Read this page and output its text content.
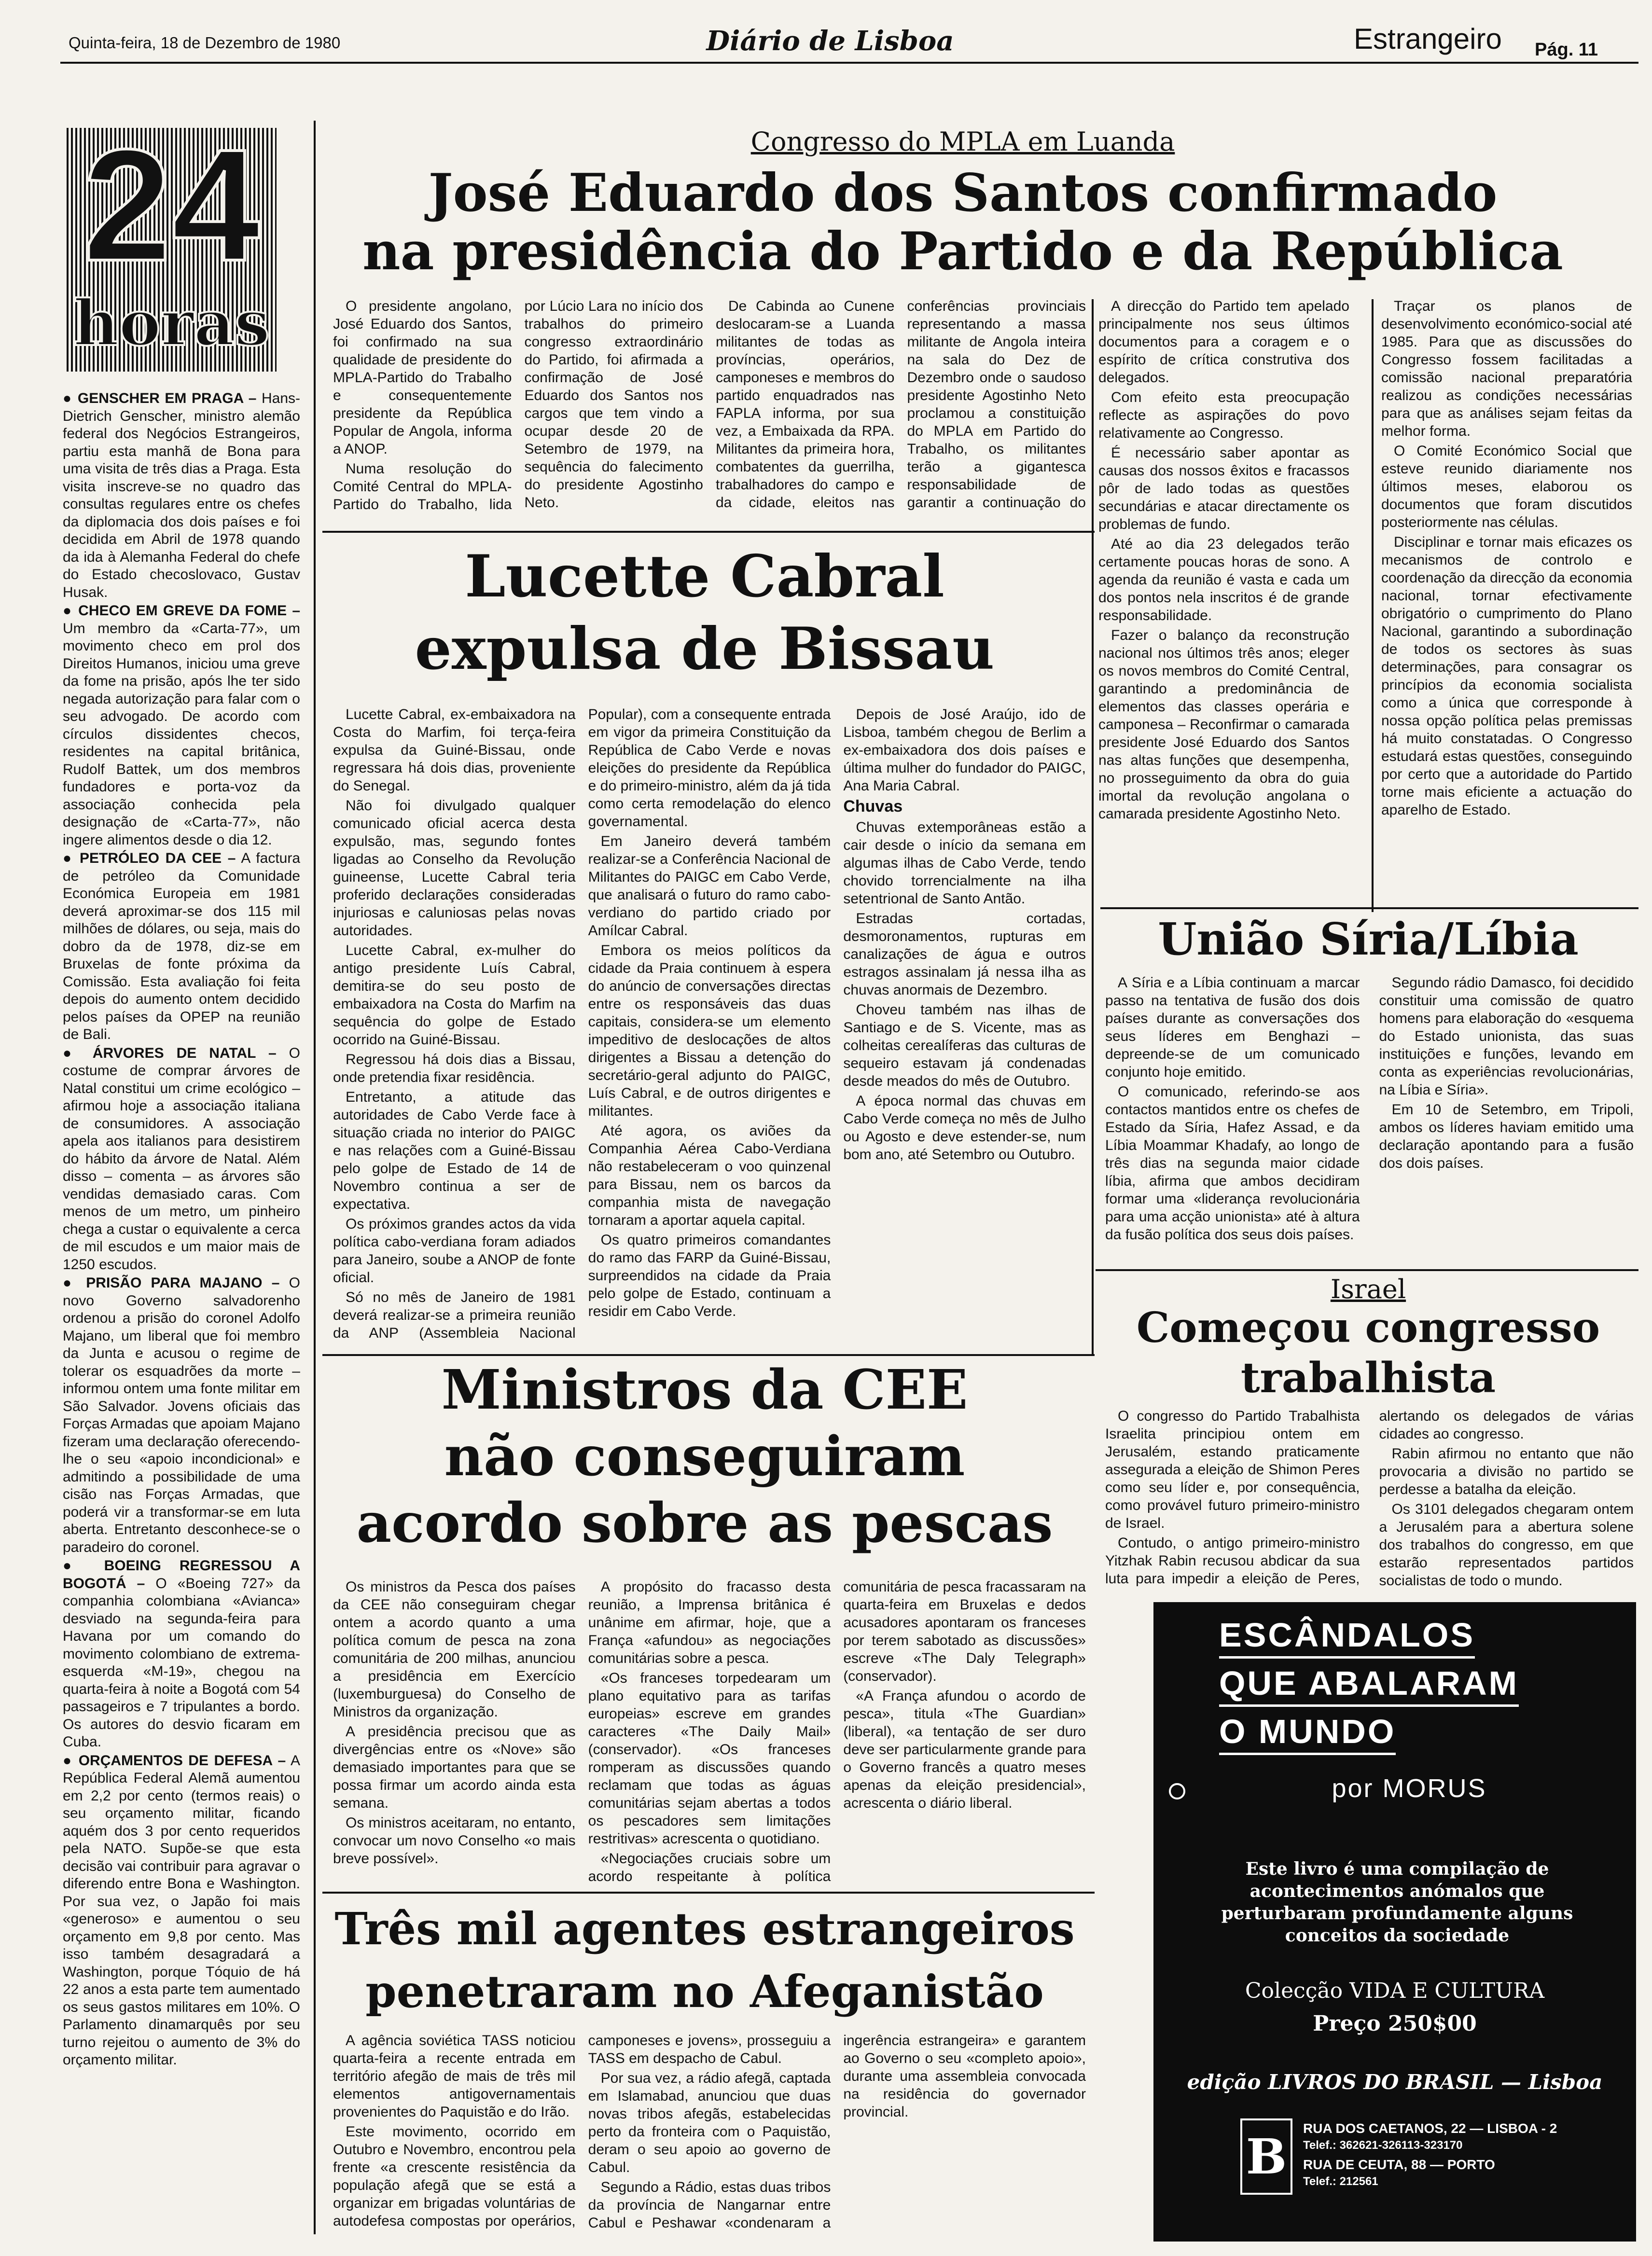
Quinta-feira, 18 de Dezembro de 1980	Diário de Lisboa	Estrangeiro Pág. 11
24
horas
● GENSCHER EM PRAGA – Hans-Dietrich Genscher, ministro alemão federal dos Negócios Estrangeiros, partiu esta manhã de Bona para uma visita de três dias a Praga. Esta visita inscreve-se no quadro das consultas regulares entre os chefes da diplomacia dos dois países e foi decidida em Abril de 1978 quando da ida à Alemanha Federal do chefe do Estado checoslovaco, Gustav Husak.
● CHECO EM GREVE DA FOME – Um membro da «Carta-77», um movimento checo em prol dos Direitos Humanos, iniciou uma greve da fome na prisão, após lhe ter sido negada autorização para falar com o seu advogado. De acordo com círculos dissidentes checos, residentes na capital britânica, Rudolf Battek, um dos membros fundadores e porta-voz da associação conhecida pela designação de «Carta-77», não ingere alimentos desde o dia 12.
● PETRÓLEO DA CEE – A factura de petróleo da Comunidade Económica Europeia em 1981 deverá aproximar-se dos 115 mil milhões de dólares, ou seja, mais do dobro da de 1978, diz-se em Bruxelas de fonte próxima da Comissão. Esta avaliação foi feita depois do aumento ontem decidido pelos países da OPEP na reunião de Bali.
● ÁRVORES DE NATAL – O costume de comprar árvores de Natal constitui um crime ecológico – afirmou hoje a associação italiana de consumidores. A associação apela aos italianos para desistirem do hábito da árvore de Natal. Além disso – comenta – as árvores são vendidas demasiado caras. Com menos de um metro, um pinheiro chega a custar o equivalente a cerca de mil escudos e um maior mais de 1250 escudos.
● PRISÃO PARA MAJANO – O novo Governo salvadorenho ordenou a prisão do coronel Adolfo Majano, um liberal que foi membro da Junta e acusou o regime de tolerar os esquadrões da morte – informou ontem uma fonte militar em São Salvador. Jovens oficiais das Forças Armadas que apoiam Majano fizeram uma declaração oferecendo-lhe o seu «apoio incondicional» e admitindo a possibilidade de uma cisão nas Forças Armadas, que poderá vir a transformar-se em luta aberta. Entretanto desconhece-se o paradeiro do coronel.
● BOEING REGRESSOU A BOGOTÁ – O «Boeing 727» da companhia colombiana «Avianca» desviado na segunda-feira para Havana por um comando do movimento colombiano de extrema-esquerda «M-19», chegou na quarta-feira à noite a Bogotá com 54 passageiros e 7 tripulantes a bordo. Os autores do desvio ficaram em Cuba.
● ORÇAMENTOS DE DEFESA – A República Federal Alemã aumentou em 2,2 por cento (termos reais) o seu orçamento militar, ficando aquém dos 3 por cento requeridos pela NATO. Supõe-se que esta decisão vai contribuir para agravar o diferendo entre Bona e Washington. Por sua vez, o Japão foi mais «generoso» e aumentou o seu orçamento em 9,8 por cento. Mas isso também desagradará a Washington, porque Tóquio de há 22 anos a esta parte tem aumentado os seus gastos militares em 10%. O Parlamento dinamarquês por seu turno rejeitou o aumento de 3% do orçamento militar.
Congresso do MPLA em Luanda
José Eduardo dos Santos confirmado
na presidência do Partido e da República

O presidente angolano, José Eduardo dos Santos, foi confirmado na sua qualidade de presidente do MPLA-Partido do Trabalho e consequentemente presidente da República Popular de Angola, informa a ANOP.

Numa resolução do Comité Central do MPLA-Partido do Trabalho, lida por Lúcio Lara no início dos trabalhos do primeiro congresso extraordinário do Partido, foi afirmada a confirmação de José Eduardo dos Santos nos cargos que tem vindo a ocupar desde 20 de Setembro de 1979, na sequência do falecimento do presidente Agostinho Neto.

De Cabinda ao Cunene deslocaram-se a Luanda militantes de todas as províncias, operários, camponeses e membros do partido enquadrados nas FAPLA informa, por sua vez, a Embaixada da RPA. Militantes da primeira hora, combatentes da guerrilha, trabalhadores do campo e da cidade, eleitos nas conferências provinciais representando a massa militante de Angola inteira na sala do Dez de Dezembro onde o saudoso presidente Agostinho Neto proclamou a constituição do MPLA em Partido do Trabalho, os militantes terão a gigantesca responsabilidade de garantir a continuação do

A direcção do Partido tem apelado principalmente nos seus últimos documentos para a coragem e o espírito de crítica construtiva dos delegados.

Com efeito esta preocupação reflecte as aspirações do povo relativamente ao Congresso.

É necessário saber apontar as causas dos nossos êxitos e fracassos pôr de lado todas as questões secundárias e atacar directamente os problemas de fundo.

Até ao dia 23 delegados terão certamente poucas horas de sono. A agenda da reunião é vasta e cada um dos pontos nela inscritos é de grande responsabilidade.

Fazer o balanço da reconstrução nacional nos últimos três anos; eleger os novos membros do Comité Central, garantindo a predominância de elementos das classes operária e camponesa – Reconfirmar o camarada presidente José Eduardo dos Santos nas altas funções que desempenha, no prosseguimento da obra do guia imortal da revolução angolana o camarada presidente Agostinho Neto.

Traçar os planos de desenvolvimento económico-social até 1985. Para que as discussões do Congresso fossem facilitadas a comissão nacional preparatória realizou as condições necessárias para que as análises sejam feitas da melhor forma.

O Comité Económico Social que esteve reunido diariamente nos últimos meses, elaborou os documentos que foram discutidos posteriormente nas células.

Disciplinar e tornar mais eficazes os mecanismos de controlo e coordenação da direcção da economia nacional, tornar efectivamente obrigatório o cumprimento do Plano Nacional, garantindo a subordinação de todos os sectores às suas determinações, para consagrar os princípios da economia socialista como a única que corresponde à nossa opção política pelas premissas há muito constatadas. O Congresso estudará estas questões, conseguindo por certo que a autoridade do Partido torne mais eficiente a actuação do aparelho de Estado.

Lucette Cabral
expulsa de Bissau

Lucette Cabral, ex-embaixadora na Costa do Marfim, foi terça-feira expulsa da Guiné-Bissau, onde regressara há dois dias, proveniente do Senegal.

Não foi divulgado qualquer comunicado oficial acerca desta expulsão, mas, segundo fontes ligadas ao Conselho da Revolução guineense, Lucette Cabral teria proferido declarações consideradas injuriosas e caluniosas pelas novas autoridades.

Lucette Cabral, ex-mulher do antigo presidente Luís Cabral, demitira-se do seu posto de embaixadora na Costa do Marfim na sequência do golpe de Estado ocorrido na Guiné-Bissau.

Regressou há dois dias a Bissau, onde pretendia fixar residência.

Entretanto, a atitude das autoridades de Cabo Verde face à situação criada no interior do PAIGC e nas relações com a Guiné-Bissau pelo golpe de Estado de 14 de Novembro continua a ser de expectativa.

Os próximos grandes actos da vida política cabo-verdiana foram adiados para Janeiro, soube a ANOP de fonte oficial.

Só no mês de Janeiro de 1981 deverá realizar-se a primeira reunião da ANP (Assembleia Nacional Popular), com a consequente entrada em vigor da primeira Constituição da República de Cabo Verde e novas eleições do presidente da República e do primeiro-ministro, além da já tida como certa remodelação do elenco governamental.

Em Janeiro deverá também realizar-se a Conferência Nacional de Militantes do PAIGC em Cabo Verde, que analisará o futuro do ramo cabo-verdiano do partido criado por Amílcar Cabral.

Embora os meios políticos da cidade da Praia continuem à espera do anúncio de conversações directas entre os responsáveis das duas capitais, considera-se um elemento impeditivo de deslocações de altos dirigentes a Bissau a detenção do secretário-geral adjunto do PAIGC, Luís Cabral, e de outros dirigentes e militantes.

Até agora, os aviões da Companhia Aérea Cabo-Verdiana não restabeleceram o voo quinzenal para Bissau, nem os barcos da companhia mista de navegação tornaram a aportar aquela capital.

Os quatro primeiros comandantes do ramo das FARP da Guiné-Bissau, surpreendidos na cidade da Praia pelo golpe de Estado, continuam a residir em Cabo Verde.

Depois de José Araújo, ido de Lisboa, também chegou de Berlim a ex-embaixadora dos dois países e última mulher do fundador do PAIGC, Ana Maria Cabral.

Chuvas

Chuvas extemporâneas estão a cair desde o início da semana em algumas ilhas de Cabo Verde, tendo chovido torrencialmente na ilha setentrional de Santo Antão.

Estradas cortadas, desmoronamentos, rupturas em canalizações de água e outros estragos assinalam já nessa ilha as chuvas anormais de Dezembro.

Choveu também nas ilhas de Santiago e de S. Vicente, mas as colheitas cerealíferas das culturas de sequeiro estavam já condenadas desde meados do mês de Outubro.

A época normal das chuvas em Cabo Verde começa no mês de Julho ou Agosto e deve estender-se, num bom ano, até Setembro ou Outubro.

União Síria/Líbia

A Síria e a Líbia continuam a marcar passo na tentativa de fusão dos dois países durante as conversações dos seus líderes em Benghazi – depreende-se de um comunicado conjunto hoje emitido.

O comunicado, referindo-se aos contactos mantidos entre os chefes de Estado da Síria, Hafez Assad, e da Líbia Moammar Khadafy, ao longo de três dias na segunda maior cidade líbia, afirma que ambos decidiram formar uma «liderança revolucionária para uma acção unionista» até à altura da fusão política dos seus dois países.

Segundo rádio Damasco, foi decidido constituir uma comissão de quatro homens para elaboração do «esquema do Estado unionista, das suas instituições e funções, levando em conta as experiências revolucionárias, na Líbia e Síria».

Em 10 de Setembro, em Tripoli, ambos os líderes haviam emitido uma declaração apontando para a fusão dos dois países.

Israel
Começou congresso
trabalhista

O congresso do Partido Trabalhista Israelita principiou ontem em Jerusalém, estando praticamente assegurada a eleição de Shimon Peres como seu líder e, por consequência, como provável futuro primeiro-ministro de Israel.

Contudo, o antigo primeiro-ministro Yitzhak Rabin recusou abdicar da sua luta para impedir a eleição de Peres, alertando os delegados de várias cidades ao congresso.

Rabin afirmou no entanto que não provocaria a divisão no partido se perdesse a batalha da eleição.

Os 3101 delegados chegaram ontem a Jerusalém para a abertura solene dos trabalhos do congresso, em que estarão representados partidos socialistas de todo o mundo.

Ministros da CEE
não conseguiram
acordo sobre as pescas

Os ministros da Pesca dos países da CEE não conseguiram chegar ontem a acordo quanto a uma política comum de pesca na zona comunitária de 200 milhas, anunciou a presidência em Exercício (luxemburguesa) do Conselho de Ministros da organização.

A presidência precisou que as divergências entre os «Nove» são demasiado importantes para que se possa firmar um acordo ainda esta semana.

Os ministros aceitaram, no entanto, convocar um novo Conselho «o mais breve possível».

A propósito do fracasso desta reunião, a Imprensa britânica é unânime em afirmar, hoje, que a França «afundou» as negociações comunitárias sobre a pesca.

«Os franceses torpedearam um plano equitativo para as tarifas europeias» escreve em grandes caracteres «The Daily Mail» (conservador). «Os franceses romperam as discussões quando reclamam que todas as águas comunitárias sejam abertas a todos os pescadores sem limitações restritivas» acrescenta o quotidiano.

«Negociações cruciais sobre um acordo respeitante à política comunitária de pesca fracassaram na quarta-feira em Bruxelas e dedos acusadores apontaram os franceses por terem sabotado as discussões» escreve «The Daly Telegraph» (conservador).

«A França afundou o acordo de pesca», titula «The Guardian» (liberal), «a tentação de ser duro deve ser particularmente grande para o Governo francês a quatro meses apenas da eleição presidencial», acrescenta o diário liberal.

Três mil agentes estrangeiros
penetraram no Afeganistão

A agência soviética TASS noticiou quarta-feira a recente entrada em território afegão de mais de três mil elementos antigovernamentais provenientes do Paquistão e do Irão.

Este movimento, ocorrido em Outubro e Novembro, encontrou pela frente «a crescente resistência da população afegã que se está a organizar em brigadas voluntárias de autodefesa compostas por operários, camponeses e jovens», prosseguiu a TASS em despacho de Cabul.

Por sua vez, a rádio afegã, captada em Islamabad, anunciou que duas novas tribos afegãs, estabelecidas perto da fronteira com o Paquistão, deram o seu apoio ao governo de Cabul.

Segundo a Rádio, estas duas tribos da província de Nangarnar entre Cabul e Peshawar «condenaram a ingerência estrangeira» e garantem ao Governo o seu «completo apoio», durante uma assembleia convocada na residência do governador provincial.

ESCÂNDALOS
QUE ABALARAM
O MUNDO
por MORUS
Este livro é uma compilação de acontecimentos anómalos que perturbaram profundamente alguns conceitos da sociedade
Colecção VIDA E CULTURA
Preço 250$00
edição LIVROS DO BRASIL — Lisboa
B RUA DOS CAETANOS, 22 — LISBOA - 2
Telef.: 362621-326113-323170
RUA DE CEUTA, 88 — PORTO
Telef.: 212561
